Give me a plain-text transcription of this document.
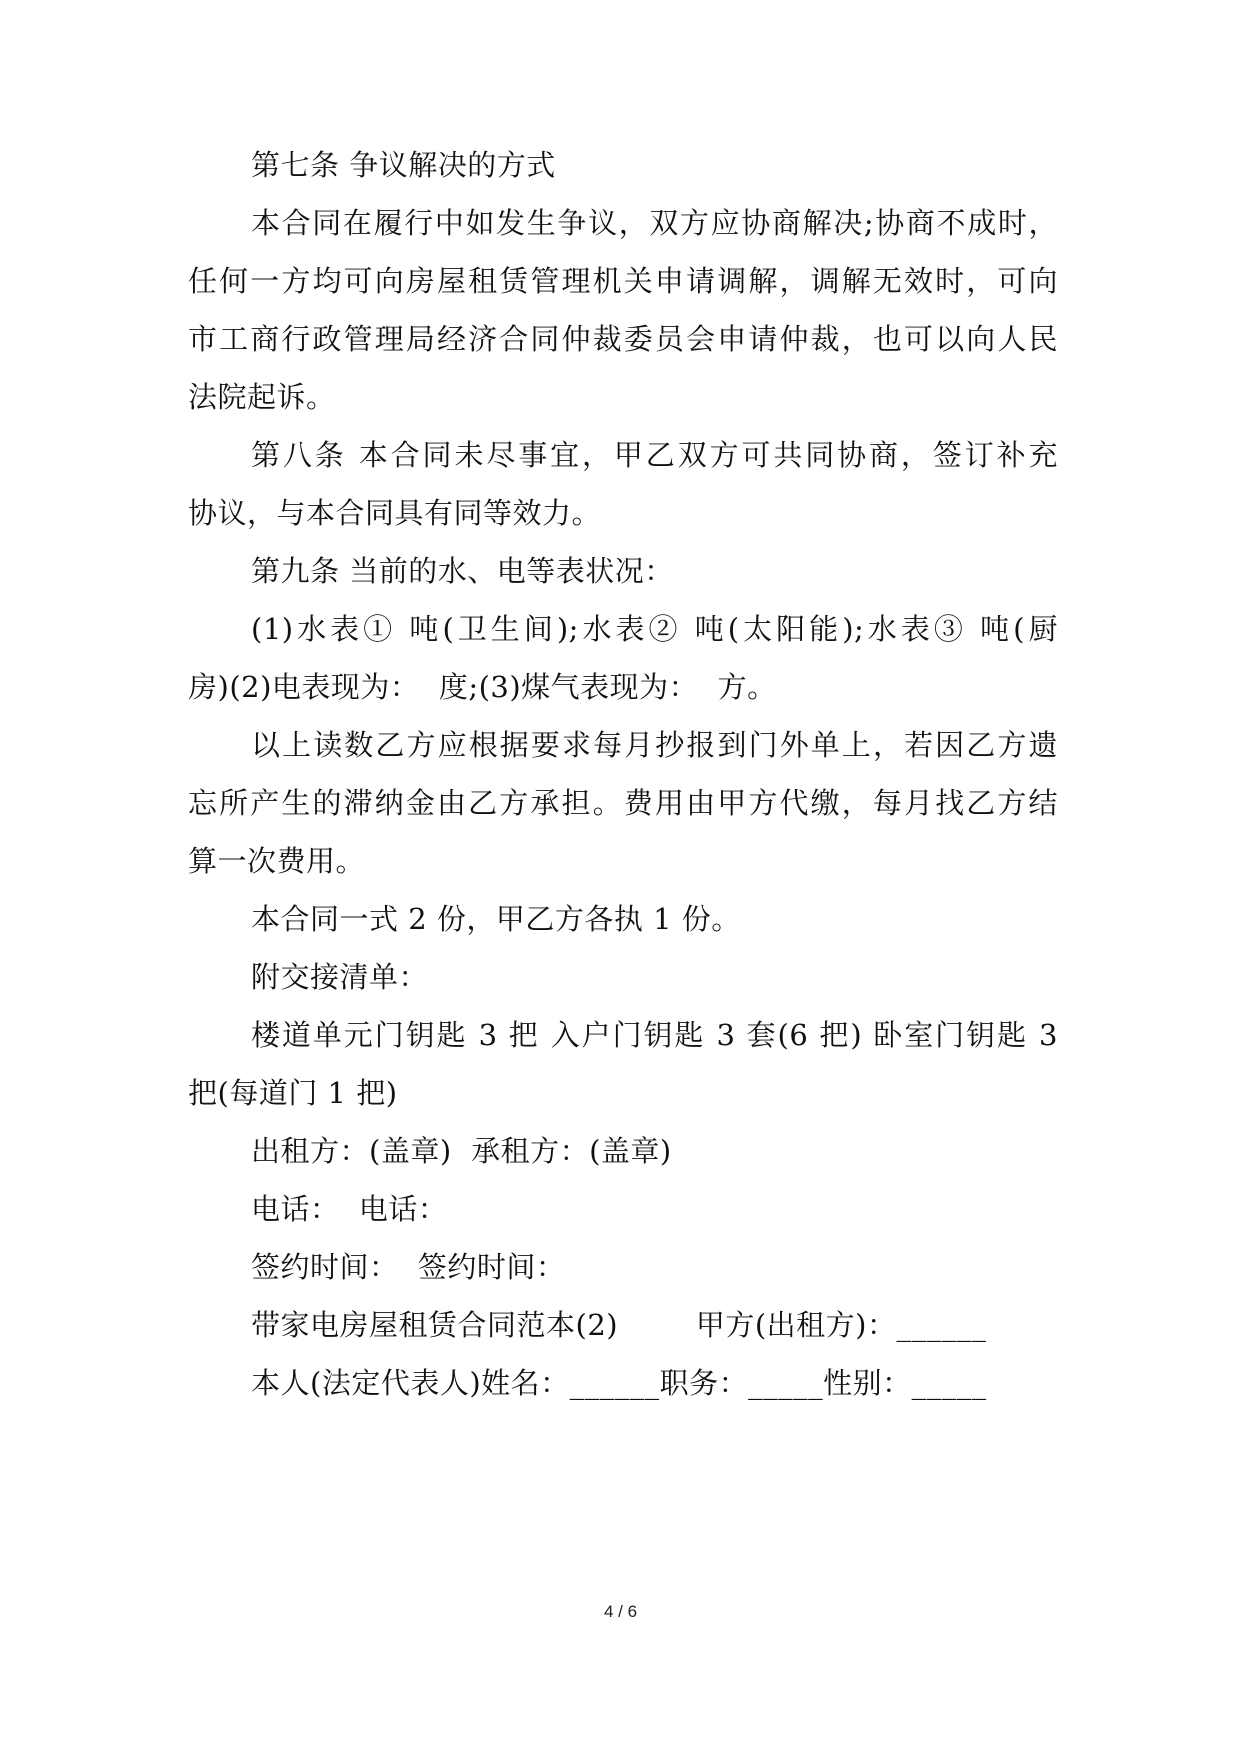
第七条 争议解决的方式
本合同在履行中如发生争议，双方应协商解决;协商不成时，
任何一方均可向房屋租赁管理机关申请调解，调解无效时，可向
市工商行政管理局经济合同仲裁委员会申请仲裁，也可以向人民
法院起诉。
第八条 本合同未尽事宜，甲乙双方可共同协商，签订补充
协议，与本合同具有同等效力。
第九条 当前的水、电等表状况：
(1)水表① 吨(卫生间);水表② 吨(太阳能);水表③ 吨(厨
房)(2)电表现为：  度;(3)煤气表现为：  方。
以上读数乙方应根据要求每月抄报到门外单上，若因乙方遗
忘所产生的滞纳金由乙方承担。费用由甲方代缴，每月找乙方结
算一次费用。
本合同一式 2 份，甲乙方各执 1 份。
附交接清单：
楼道单元门钥匙 3 把 入户门钥匙 3 套(6 把) 卧室门钥匙 3
把(每道门 1 把)
出租方：(盖章)  承租方：(盖章)
电话：  电话：
签约时间：  签约时间：
带家电房屋租赁合同范本(2)        甲方(出租方)：______
本人(法定代表人)姓名：______职务：_____性别：_____
4 / 6
